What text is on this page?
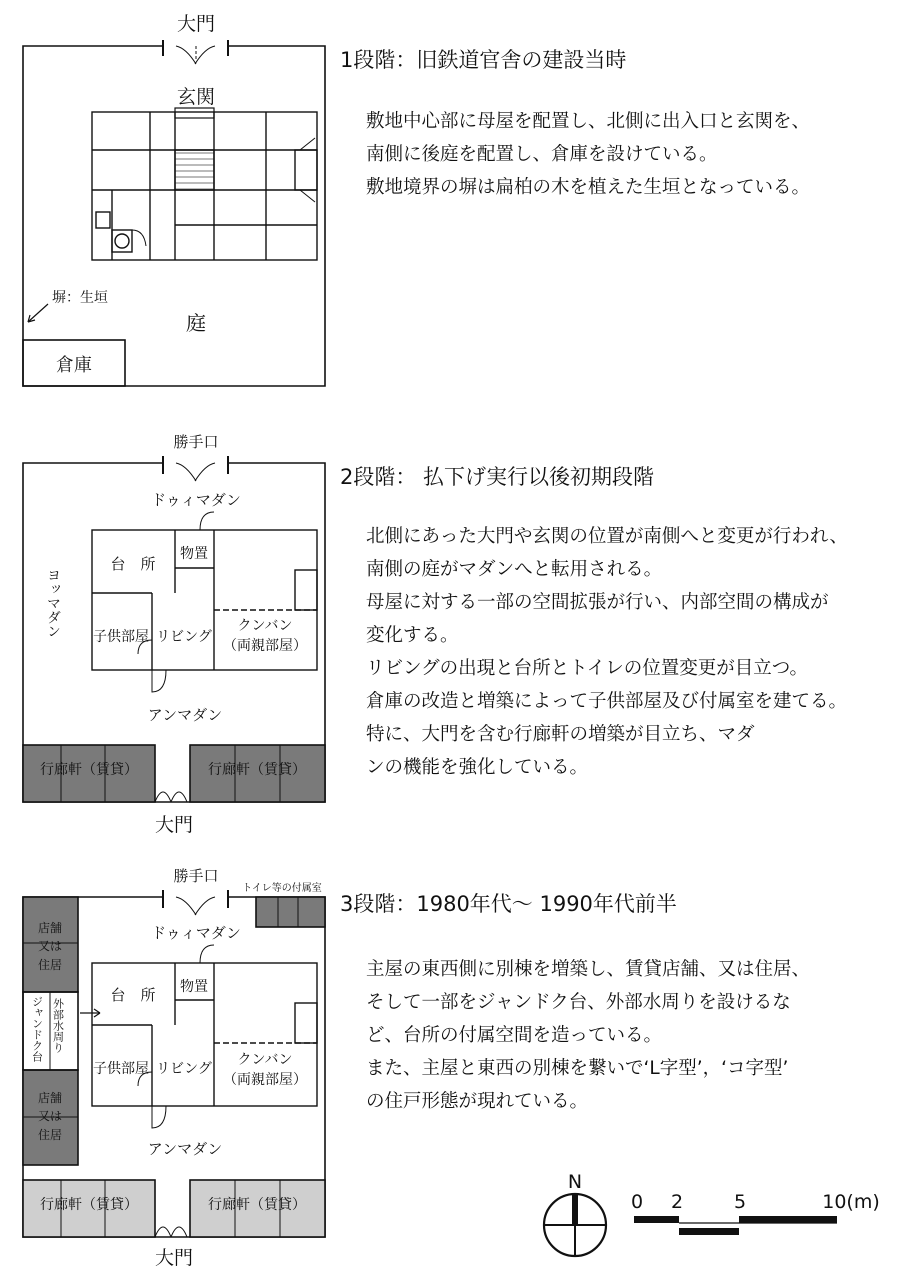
大門
玄関
塀：生垣
庭
倉庫
勝手口
ドゥィマダン
台　所
物置
ヨッマダン 子供部屋 リビング
クンバン
（両親部屋）
アンマダン
行廊軒（賃貸）	行廊軒（賃貸）
大門
勝手口
トイレ等の付属室
ドゥィマダン
店舗
又は
住居
店舗
又は
住居
台　所 物置
外部水周り
ジャンドク台
子供部屋 リビング
クンバン
（両親部屋）
アンマダン
行廊軒（賃貸）	行廊軒（賃貸）
大門
N
0 2	5	10(m)
1段階：旧鉄道官舎の建設当時

敷地中心部に母屋を配置し、北側に出入口と玄関を、

南側に後庭を配置し、倉庫を設けている。

敷地境界の塀は扁柏の木を植えた生垣となっている。

2段階： 払下げ実行以後初期段階

北側にあった大門や玄関の位置が南側へと変更が行われ、

南側の庭がマダンへと転用される。

母屋に対する一部の空間拡張が行い、内部空間の構成が

変化する。

リビングの出現と台所とトイレの位置変更が目立つ。

倉庫の改造と増築によって子供部屋及び付属室を建てる。

特に、大門を含む行廊軒の増築が目立ち、マダ

ンの機能を強化している。

3段階：1980年代～ 1990年代前半

主屋の東西側に別棟を増築し、賃貸店舗、又は住居、

そして一部をジャンドク台、外部水周りを設けるな

ど、台所の付属空間を造っている。

また、主屋と東西の別棟を繋いで‘L字型’，‘コ字型’

の住戸形態が現れている。
